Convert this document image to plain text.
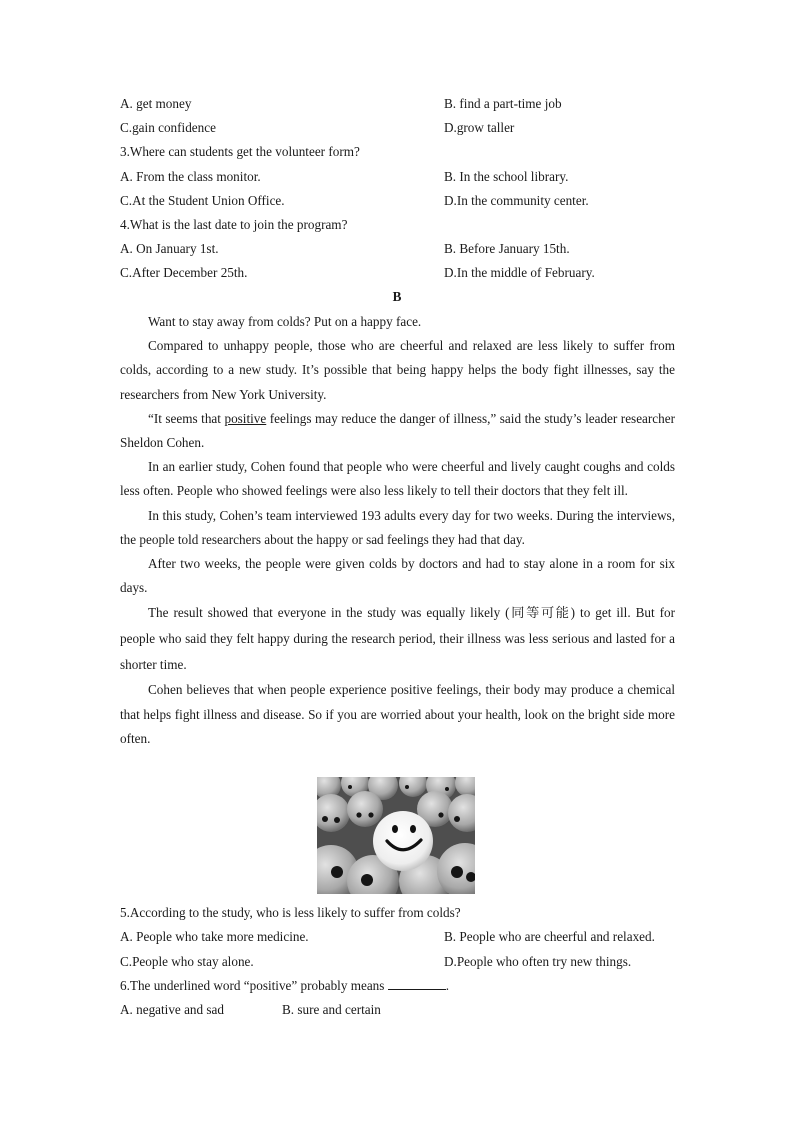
A. get money	B. find a part-time job
C.gain confidence	D.grow taller
3.Where can students get the volunteer form?
A. From the class monitor.	B. In the school library.
C.At the Student Union Office.	D.In the community center.
4.What is the last date to join the program?
A. On January 1st.	B. Before January 15th.
C.After December 25th.	D.In the middle of February.
B

Want to stay away from colds? Put on a happy face.

Compared to unhappy people, those who are cheerful and relaxed are less likely to suffer from colds, according to a new study. It’s possible that being happy helps the body fight illnesses, say the researchers from New York University.

“It seems that positive feelings may reduce the danger of illness,” said the study’s leader researcher Sheldon Cohen.

In an earlier study, Cohen found that people who were cheerful and lively caught coughs and colds less often. People who showed feelings were also less likely to tell their doctors that they felt ill.

In this study, Cohen’s team interviewed 193 adults every day for two weeks. During the interviews, the people told researchers about the happy or sad feelings they had that day.

After two weeks, the people were given colds by doctors and had to stay alone in a room for six days.

The result showed that everyone in the study was equally likely (同等可能) to get ill. But for people who said they felt happy during the research period, their illness was less serious and lasted for a shorter time.

Cohen believes that when people experience positive feelings, their body may produce a chemical that helps fight illness and disease. So if you are worried about your health, look on the bright side more often.

5.According to the study, who is less likely to suffer from colds?
A. People who take more medicine.	B. People who are cheerful and relaxed.
C.People who stay alone.	D.People who often try new things.
6.The underlined word “positive” probably means	.
A. negative and sad	B. sure and certain
